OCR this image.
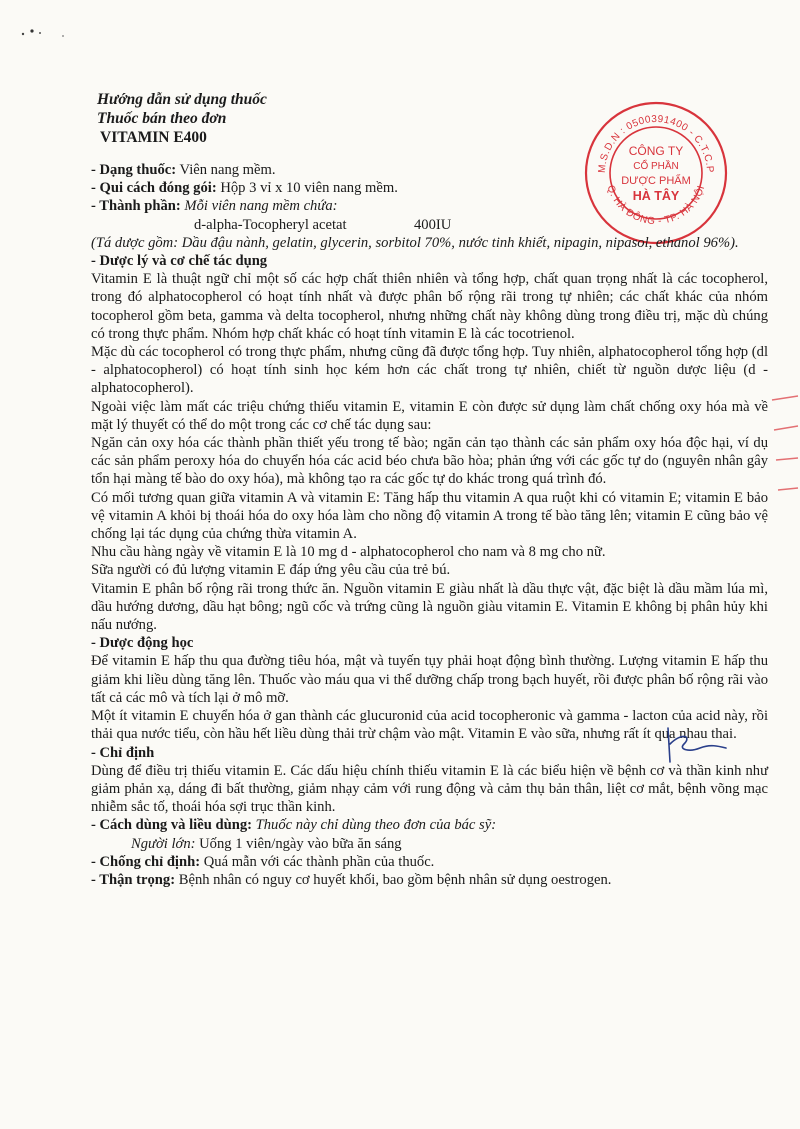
Hướng dẫn sử dụng thuốc
Thuốc bán theo đơn
VITAMIN E400
M.S.D.N : 0500391400 - C.T.C.P
Q. HÀ ĐÔNG - TP. HÀ NỘI
CÔNG TY
CỔ PHẦN
DƯỢC PHẨM
HÀ TÂY

- Dạng thuốc: Viên nang mềm.

- Qui cách đóng gói: Hộp 3 vỉ x 10 viên nang mềm.

- Thành phần: Mỗi viên nang mềm chứa:

d-alpha-Tocopheryl acetat	400IU

(Tá dược gồm: Dầu đậu nành, gelatin, glycerin, sorbitol 70%, nước tinh khiết, nipagin, nipasol, ethanol 96%).

- Dược lý và cơ chế tác dụng

Vitamin E là thuật ngữ chỉ một số các hợp chất thiên nhiên và tổng hợp, chất quan trọng nhất là các tocopherol, trong đó alphatocopherol có hoạt tính nhất và được phân bố rộng rãi trong tự nhiên; các chất khác của nhóm tocopherol gồm beta, gamma và delta tocopherol, nhưng những chất này không dùng trong điều trị, mặc dù chúng có trong thực phẩm. Nhóm hợp chất khác có hoạt tính vitamin E là các tocotrienol.

Mặc dù các tocopherol có trong thực phẩm, nhưng cũng đã được tổng hợp. Tuy nhiên, alphatocopherol tổng hợp (dl - alphatocopherol) có hoạt tính sinh học kém hơn các chất trong tự nhiên, chiết từ nguồn dược liệu (d - alphatocopherol).

Ngoài việc làm mất các triệu chứng thiếu vitamin E, vitamin E còn được sử dụng làm chất chống oxy hóa mà về mặt lý thuyết có thể do một trong các cơ chế tác dụng sau:

Ngăn cản oxy hóa các thành phần thiết yếu trong tế bào; ngăn cản tạo thành các sản phẩm oxy hóa độc hại, ví dụ các sản phẩm peroxy hóa do chuyển hóa các acid béo chưa bão hòa; phản ứng với các gốc tự do (nguyên nhân gây tổn hại màng tế bào do oxy hóa), mà không tạo ra các gốc tự do khác trong quá trình đó.

Có mối tương quan giữa vitamin A và vitamin E: Tăng hấp thu vitamin A qua ruột khi có vitamin E; vitamin E bảo vệ vitamin A khỏi bị thoái hóa do oxy hóa làm cho nồng độ vitamin A trong tế bào tăng lên; vitamin E cũng bảo vệ chống lại tác dụng của chứng thừa vitamin A.

Nhu cầu hàng ngày về vitamin E là 10 mg d - alphatocopherol cho nam và 8 mg cho nữ.

Sữa người có đủ lượng vitamin E đáp ứng yêu cầu của trẻ bú.

Vitamin E phân bố rộng rãi trong thức ăn. Nguồn vitamin E giàu nhất là dầu thực vật, đặc biệt là dầu mầm lúa mì, dầu hướng dương, dầu hạt bông; ngũ cốc và trứng cũng là nguồn giàu vitamin E. Vitamin E không bị phân hủy khi nấu nướng.

- Dược động học

Để vitamin E hấp thu qua đường tiêu hóa, mật và tuyến tụy phải hoạt động bình thường. Lượng vitamin E hấp thu giảm khi liều dùng tăng lên. Thuốc vào máu qua vi thể dưỡng chấp trong bạch huyết, rồi được phân bố rộng rãi vào tất cả các mô và tích lại ở mô mỡ.

Một ít vitamin E chuyển hóa ở gan thành các glucuronid của acid tocopheronic và gamma - lacton của acid này, rồi thải qua nước tiểu, còn hầu hết liều dùng thải trừ chậm vào mật. Vitamin E vào sữa, nhưng rất ít qua nhau thai.

- Chỉ định

Dùng để điều trị thiếu vitamin E. Các dấu hiệu chính thiếu vitamin E là các biểu hiện về bệnh cơ và thần kinh như giảm phản xạ, dáng đi bất thường, giảm nhạy cảm với rung động và cảm thụ bản thân, liệt cơ mắt, bệnh võng mạc nhiễm sắc tố, thoái hóa sợi trục thần kinh.

- Cách dùng và liều dùng: Thuốc này chỉ dùng theo đơn của bác sỹ:

Người lớn: Uống 1 viên/ngày vào bữa ăn sáng

- Chống chỉ định: Quá mẫn với các thành phần của thuốc.

- Thận trọng: Bệnh nhân có nguy cơ huyết khối, bao gồm bệnh nhân sử dụng oestrogen.
